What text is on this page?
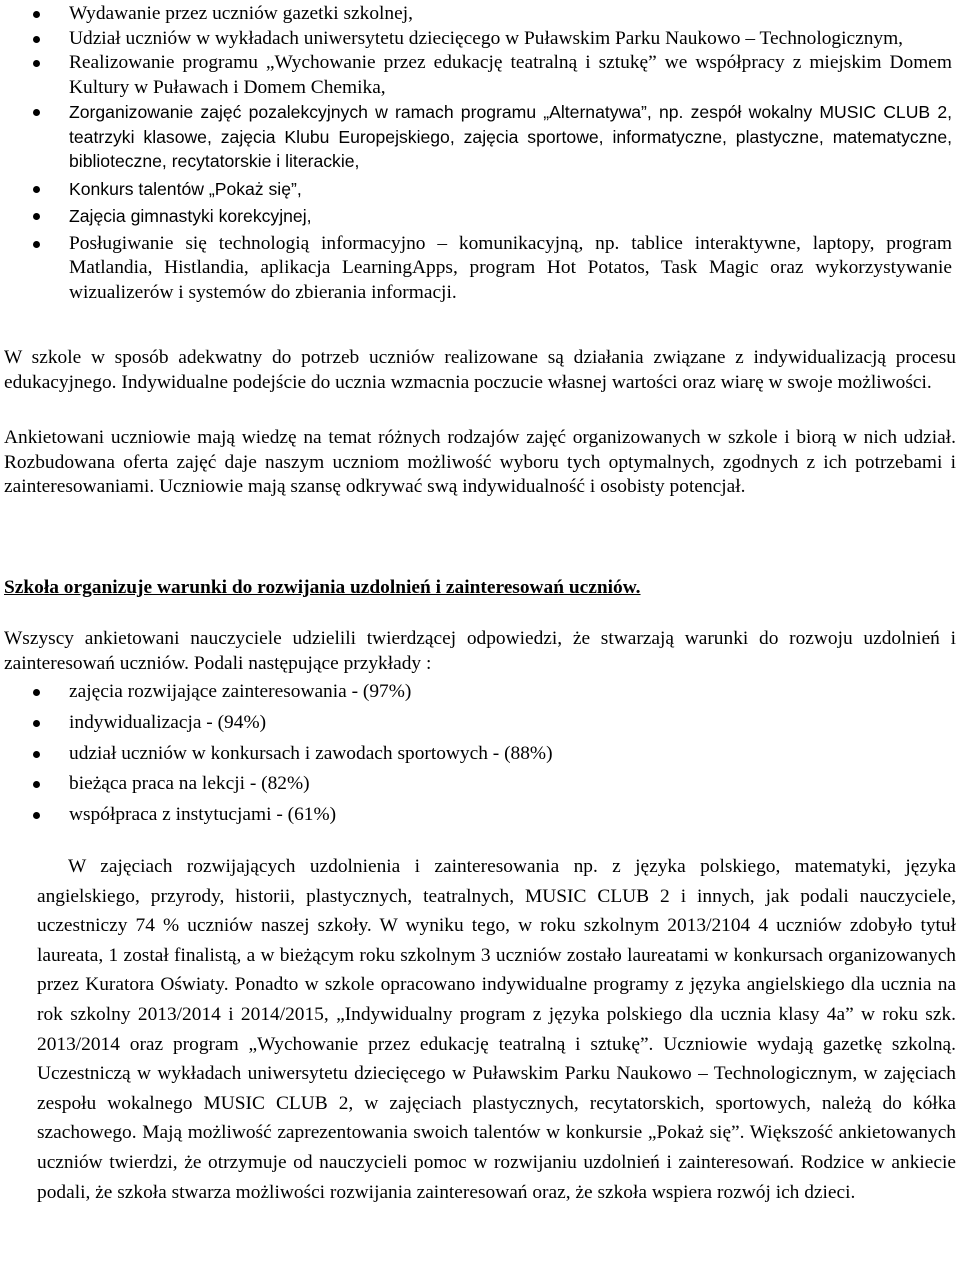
Wydawanie przez uczniów gazetki szkolnej,
Udział uczniów w wykładach uniwersytetu dziecięcego w Puławskim Parku Naukowo – Technologicznym,
Realizowanie programu „Wychowanie przez edukację teatralną i sztukę” we współpracy z miejskim Domem Kultury w Puławach i Domem Chemika,
Zorganizowanie zajęć pozalekcyjnych w ramach programu „Alternatywa”, np. zespół wokalny MUSIC CLUB 2, teatrzyki klasowe, zajęcia Klubu Europejskiego, zajęcia sportowe, informatyczne, plastyczne, matematyczne, biblioteczne, recytatorskie i literackie,
Konkurs talentów „Pokaż się”,
Zajęcia gimnastyki korekcyjnej,
Posługiwanie się technologią informacyjno – komunikacyjną, np. tablice interaktywne, laptopy, program Matlandia, Histlandia, aplikacja LearningApps, program Hot Potatos, Task Magic oraz wykorzystywanie wizualizerów i systemów do zbierania informacji.

W szkole w sposób adekwatny do potrzeb uczniów realizowane są działania związane z indywidualizacją procesu edukacyjnego. Indywidualne podejście do ucznia wzmacnia poczucie własnej wartości oraz wiarę w swoje możliwości.

Ankietowani uczniowie mają wiedzę na temat różnych rodzajów zajęć organizowanych w szkole i biorą w nich udział. Rozbudowana oferta zajęć daje naszym uczniom możliwość wyboru tych optymalnych, zgodnych z ich potrzebami i zainteresowaniami. Uczniowie mają szansę odkrywać swą indywidualność i osobisty potencjał.

Szkoła organizuje warunki do rozwijania uzdolnień i zainteresowań uczniów.

Wszyscy ankietowani nauczyciele udzielili twierdzącej odpowiedzi, że stwarzają warunki do rozwoju uzdolnień i zainteresowań uczniów. Podali następujące przykłady :

zajęcia rozwijające zainteresowania - (97%)
indywidualizacja - (94%)
udział uczniów w konkursach i zawodach sportowych - (88%)
bieżąca praca na lekcji - (82%)
współpraca z instytucjami - (61%)

W zajęciach rozwijających uzdolnienia i zainteresowania np. z języka polskiego, matematyki, języka angielskiego, przyrody, historii, plastycznych, teatralnych, MUSIC CLUB 2 i innych, jak podali nauczyciele, uczestniczy 74 % uczniów naszej szkoły. W wyniku tego, w roku szkolnym 2013/2104 4 uczniów zdobyło tytuł laureata, 1 został finalistą, a w bieżącym roku szkolnym 3 uczniów zostało laureatami w konkursach organizowanych przez Kuratora Oświaty. Ponadto w szkole opracowano indywidualne programy z języka angielskiego dla ucznia na rok szkolny 2013/2014 i 2014/2015, „Indywidualny program z języka polskiego dla ucznia klasy 4a” w roku szk. 2013/2014 oraz program „Wychowanie przez edukację teatralną i sztukę”. Uczniowie wydają gazetkę szkolną. Uczestniczą w wykładach uniwersytetu dziecięcego w Puławskim Parku Naukowo – Technologicznym, w zajęciach zespołu wokalnego MUSIC CLUB 2, w zajęciach plastycznych, recytatorskich, sportowych, należą do kółka szachowego. Mają możliwość zaprezentowania swoich talentów w konkursie „Pokaż się”. Większość ankietowanych uczniów twierdzi, że otrzymuje od nauczycieli pomoc w rozwijaniu uzdolnień i zainteresowań. Rodzice w ankiecie podali, że szkoła stwarza możliwości rozwijania zainteresowań oraz, że szkoła wspiera rozwój ich dzieci.
